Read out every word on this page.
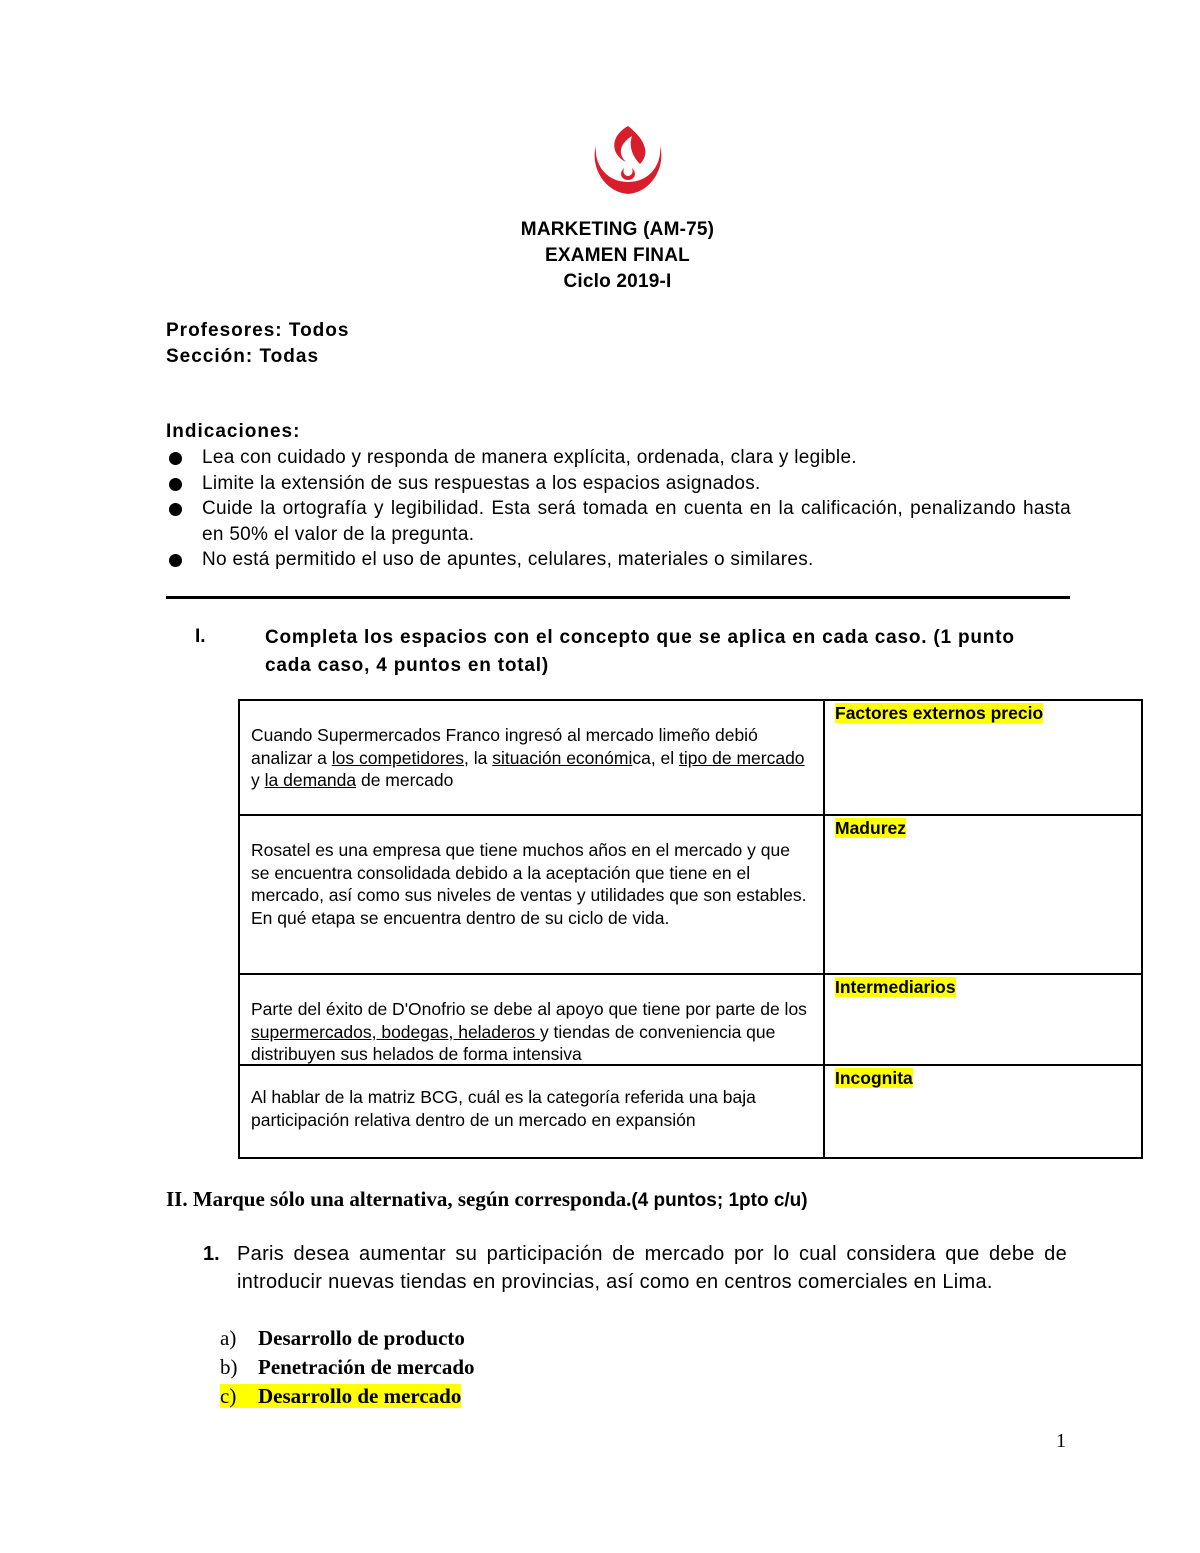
MARKETING (AM-75)
EXAMEN FINAL
Ciclo 2019-I
Profesores: Todos
Sección: Todas
Indicaciones:
Lea con cuidado y responda de manera explícita, ordenada, clara y legible.
Limite la extensión de sus respuestas a los espacios asignados.
Cuide la ortografía y legibilidad. Esta será tomada en cuenta en la calificación, penalizando hasta en 50% el valor de la pregunta.
No está permitido el uso de apuntes, celulares, materiales o similares.
I.	Completa los espacios con el concepto que se aplica en cada caso. (1 punto cada caso, 4 puntos en total)
Cuando Supermercados Franco ingresó al mercado limeño debió analizar a los competidores, la situación económica, el tipo de mercado y la demanda de mercado	Factores externos precio

Rosatel es una empresa que tiene muchos años en el mercado y que se encuentra consolidada debido a la aceptación que tiene en el mercado, así como sus niveles de ventas y utilidades que son estables. En qué etapa se encuentra dentro de su ciclo de vida.	Madurez

Parte del éxito de D'Onofrio se debe al apoyo que tiene por parte de los supermercados, bodegas, heladeros y tiendas de conveniencia que distribuyen sus helados de forma intensiva	Intermediarios

Al hablar de la matriz BCG, cuál es la categoría referida una baja participación relativa dentro de un mercado en expansión	Incognita
II. Marque sólo una alternativa, según corresponda.(4 puntos; 1pto c/u)
1. Paris desea aumentar su participación de mercado por lo cual considera que debe de introducir nuevas tiendas en provincias, así como en centros comerciales en Lima.
a) Desarrollo de producto
b) Penetración de mercado
c) Desarrollo de mercado
1
